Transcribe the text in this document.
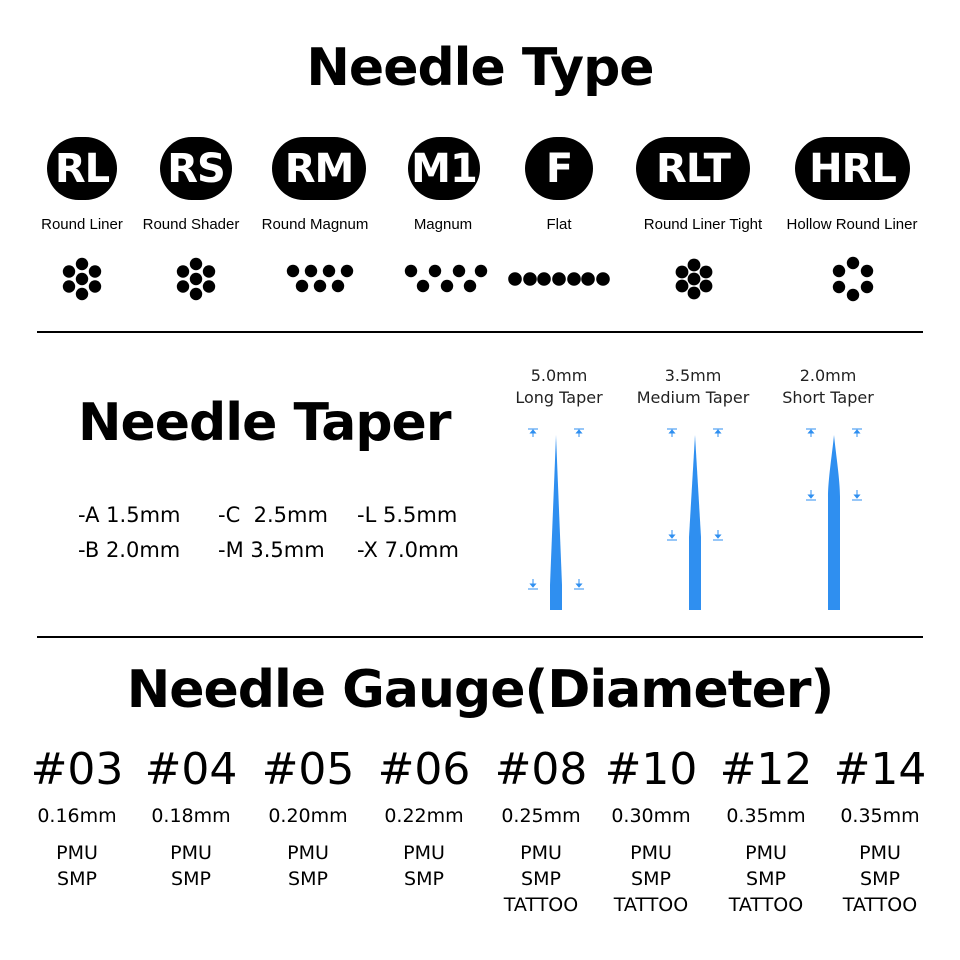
Needle Type
RL RS	RM	M1	F	RLT	HRL
Round Liner	Round Shader	Round Magnum	Magnum	Flat	Round Liner Tight	Hollow Round Liner
Needle Taper
-A 1.5mm -C 2.5mm -L 5.5mm
-B 2.0mm -M 3.5mm -X 7.0mm
5.0mm
Long Taper
3.5mm
Medium Taper
2.0mm
Short Taper
Needle Gauge(Diameter)
#03
0.16mm
PMU
SMP
#04
0.18mm
PMU
SMP
#05
0.20mm
PMU
SMP
#06
0.22mm
PMU
SMP
#08
0.25mm
PMU
SMP
TATTOO
#10
0.30mm
PMU
SMP
TATTOO
#12
0.35mm
PMU
SMP
TATTOO
#14
0.35mm
PMU
SMP
TATTOO
